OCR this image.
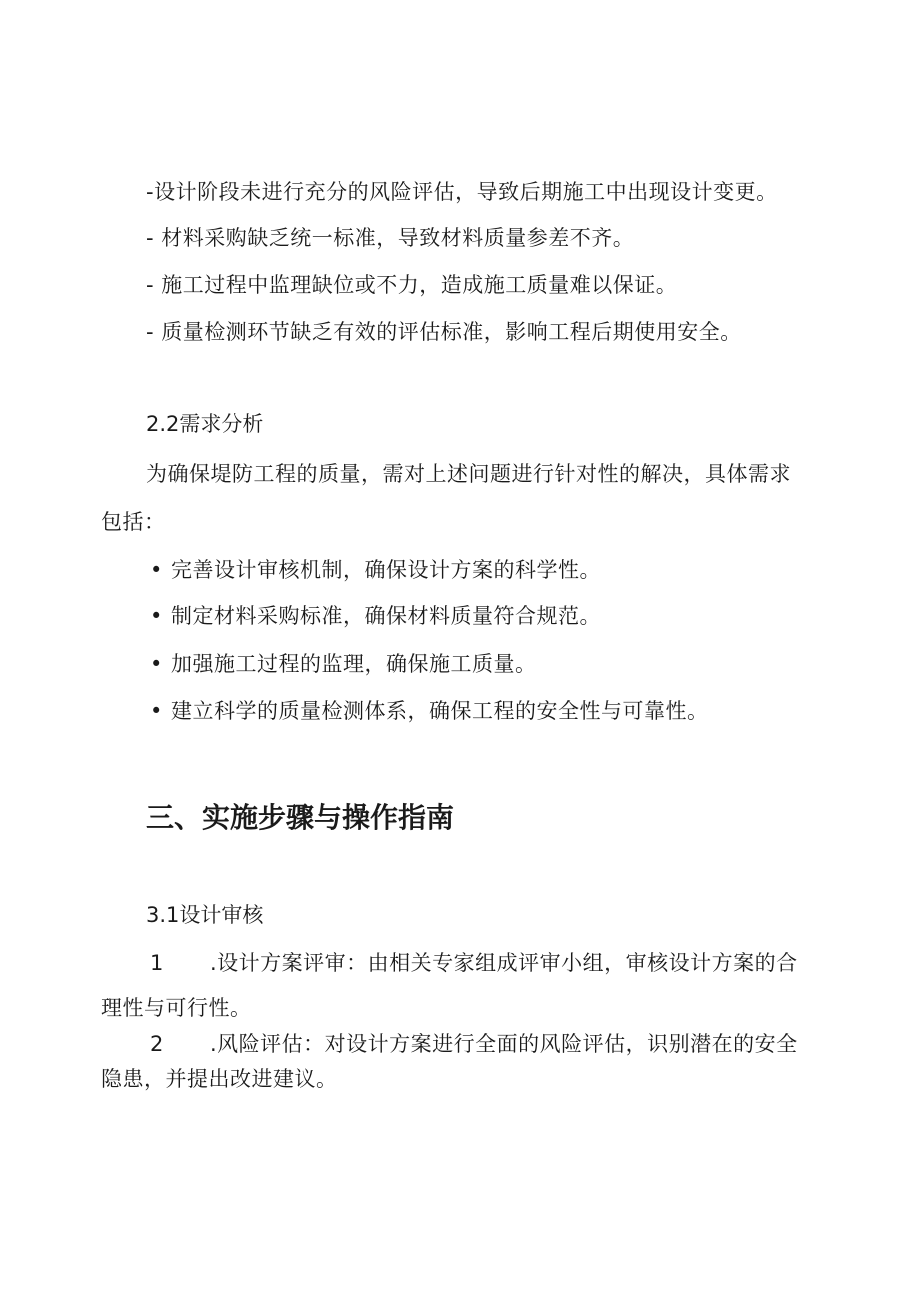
-设计阶段未进行充分的风险评估，导致后期施工中出现设计变更。
- 材料采购缺乏统一标准，导致材料质量参差不齐。
- 施工过程中监理缺位或不力，造成施工质量难以保证。
- 质量检测环节缺乏有效的评估标准，影响工程后期使用安全。
2.2需求分析
为确保堤防工程的质量，需对上述问题进行针对性的解决，具体需求
包括：
• 完善设计审核机制，确保设计方案的科学性。
• 制定材料采购标准，确保材料质量符合规范。
• 加强施工过程的监理，确保施工质量。
• 建立科学的质量检测体系，确保工程的安全性与可靠性。
三、实施步骤与操作指南
3.1设计审核
1 .设计方案评审：由相关专家组成评审小组，审核设计方案的合
理性与可行性。
2 .风险评估：对设计方案进行全面的风险评估，识别潜在的安全
隐患，并提出改进建议。
